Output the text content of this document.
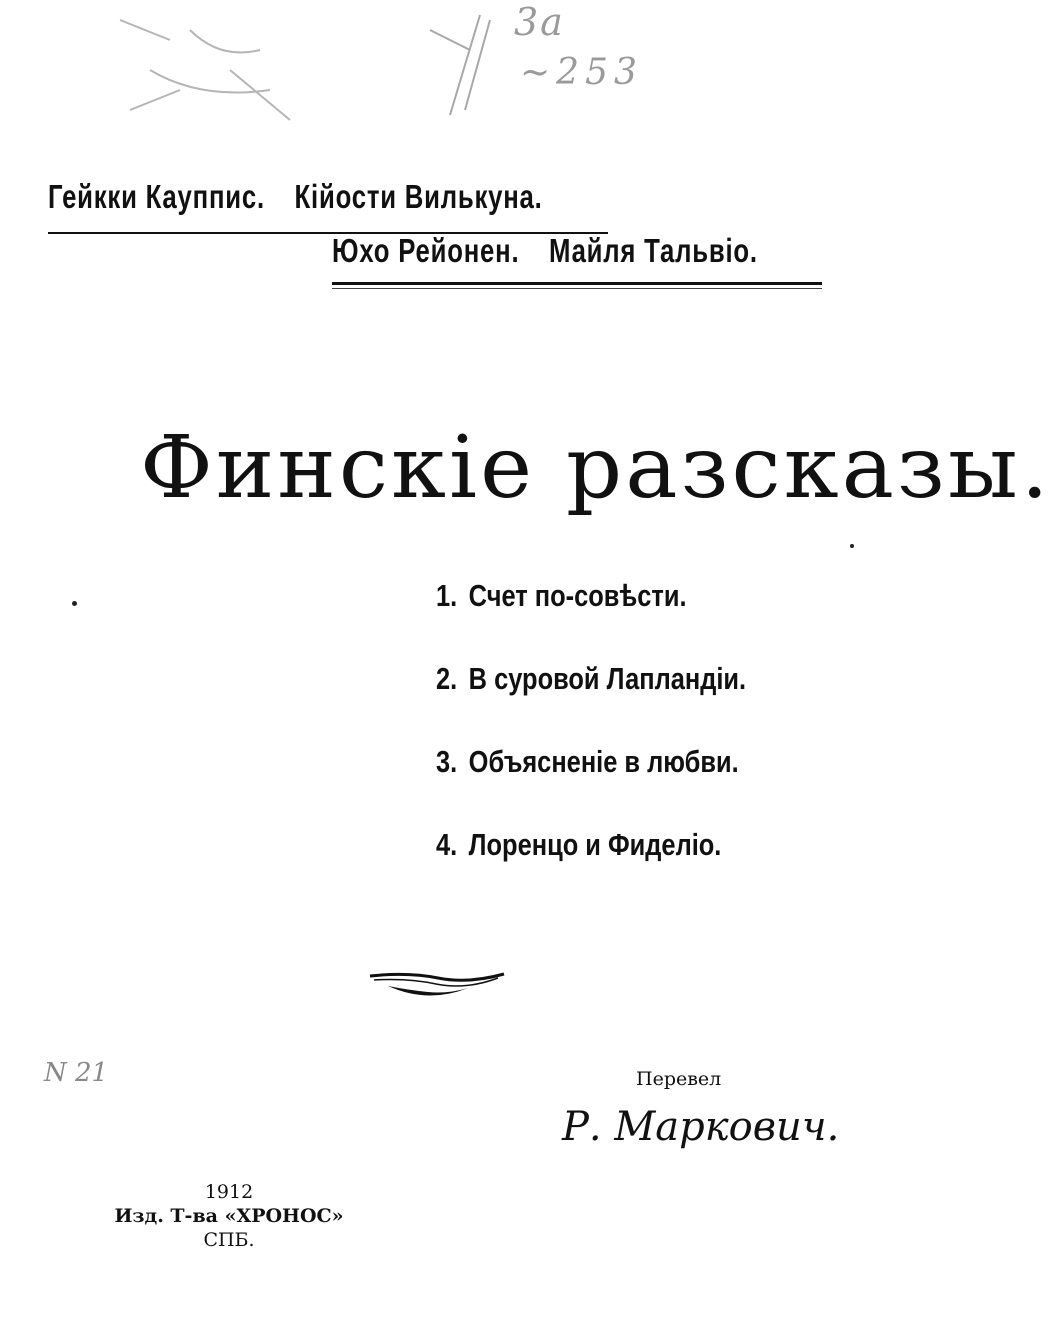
3а
~253
Гейкки Кауппис. Кійости Вилькуна.
Юхо Рейонен. Майля Тальвіо.
Финскіе разсказы.
1. Счет по-совѣсти.
2. В суровой Лапландіи.
3. Объясненіе в любви.
4. Лоренцо и Фиделіо.
N 21	Перевел
Р. Маркович.
1912
Изд. Т-ва «ХРОНОС»
СПБ.
